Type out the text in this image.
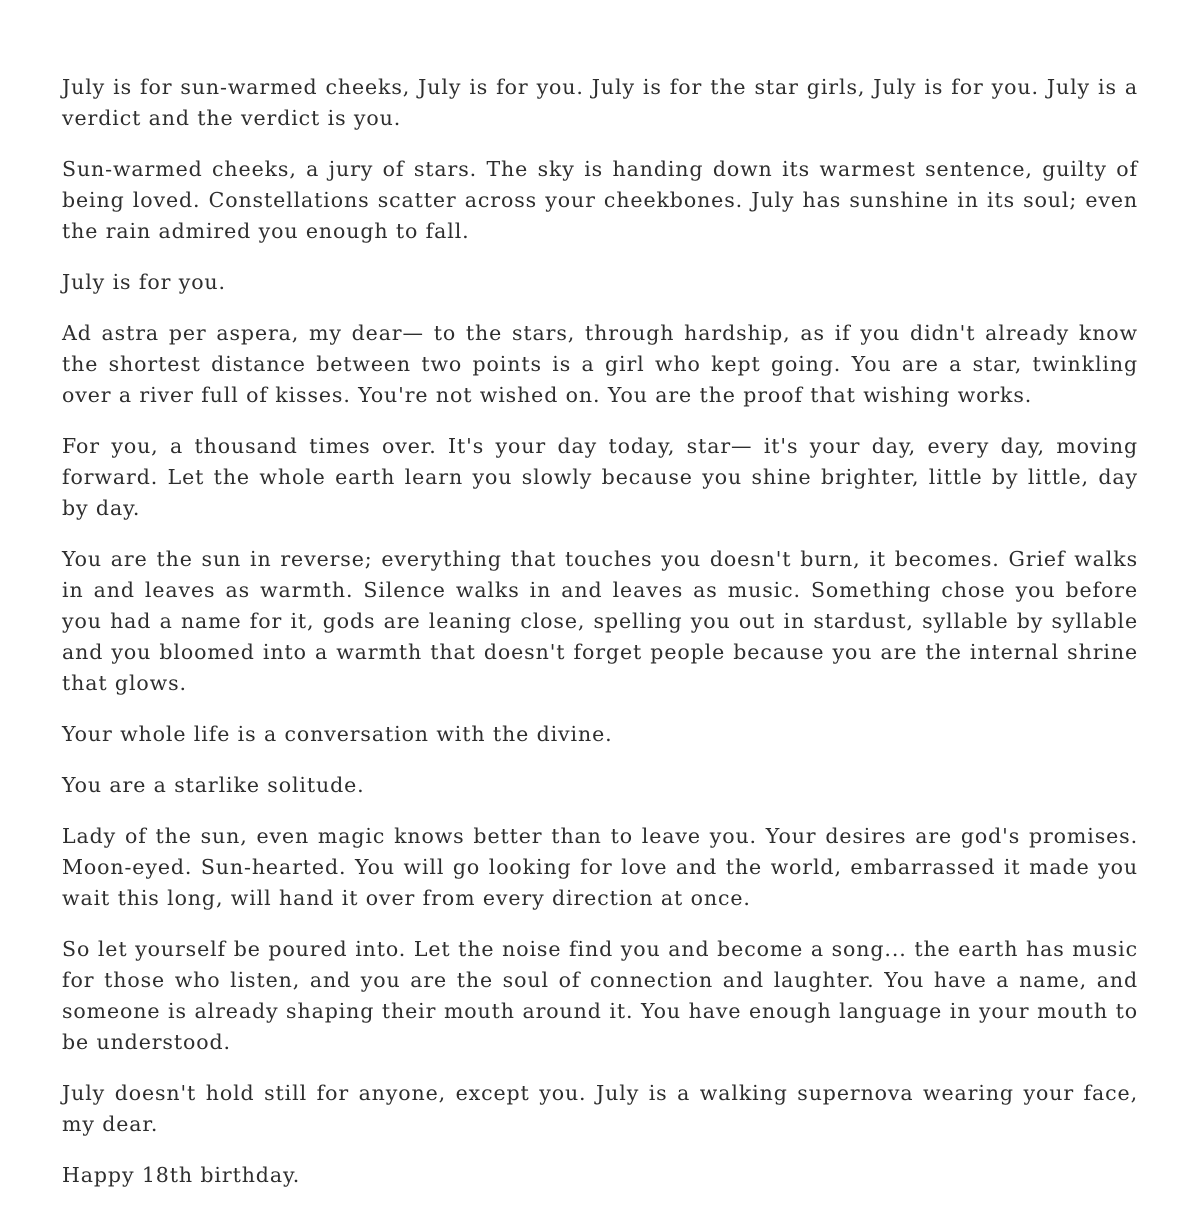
July is for sun-warmed cheeks, July is for you. July is for the star girls, July is for you. July is a verdict and the verdict is you.

Sun-warmed cheeks, a jury of stars. The sky is handing down its warmest sentence, guilty of being loved. Constellations scatter across your cheekbones. July has sunshine in its soul; even the rain admired you enough to fall.

July is for you.

Ad astra per aspera, my dear— to the stars, through hardship, as if you didn't already know the shortest distance between two points is a girl who kept going. You are a star, twinkling over a river full of kisses. You're not wished on. You are the proof that wishing works.

For you, a thousand times over. It's your day today, star— it's your day, every day, moving forward. Let the whole earth learn you slowly because you shine brighter, little by little, day by day.

You are the sun in reverse; everything that touches you doesn't burn, it becomes. Grief walks in and leaves as warmth. Silence walks in and leaves as music. Something chose you before you had a name for it, gods are leaning close, spelling you out in stardust, syllable by syllable and you bloomed into a warmth that doesn't forget people because you are the internal shrine that glows.

Your whole life is a conversation with the divine.

You are a starlike solitude.

Lady of the sun, even magic knows better than to leave you. Your desires are god's promises. Moon-eyed. Sun-hearted. You will go looking for love and the world, embarrassed it made you wait this long, will hand it over from every direction at once.

So let yourself be poured into. Let the noise find you and become a song... the earth has music for those who listen, and you are the soul of connection and laughter. You have a name, and someone is already shaping their mouth around it. You have enough language in your mouth to be understood.

July doesn't hold still for anyone, except you. July is a walking supernova wearing your face, my dear.

Happy 18th birthday.
